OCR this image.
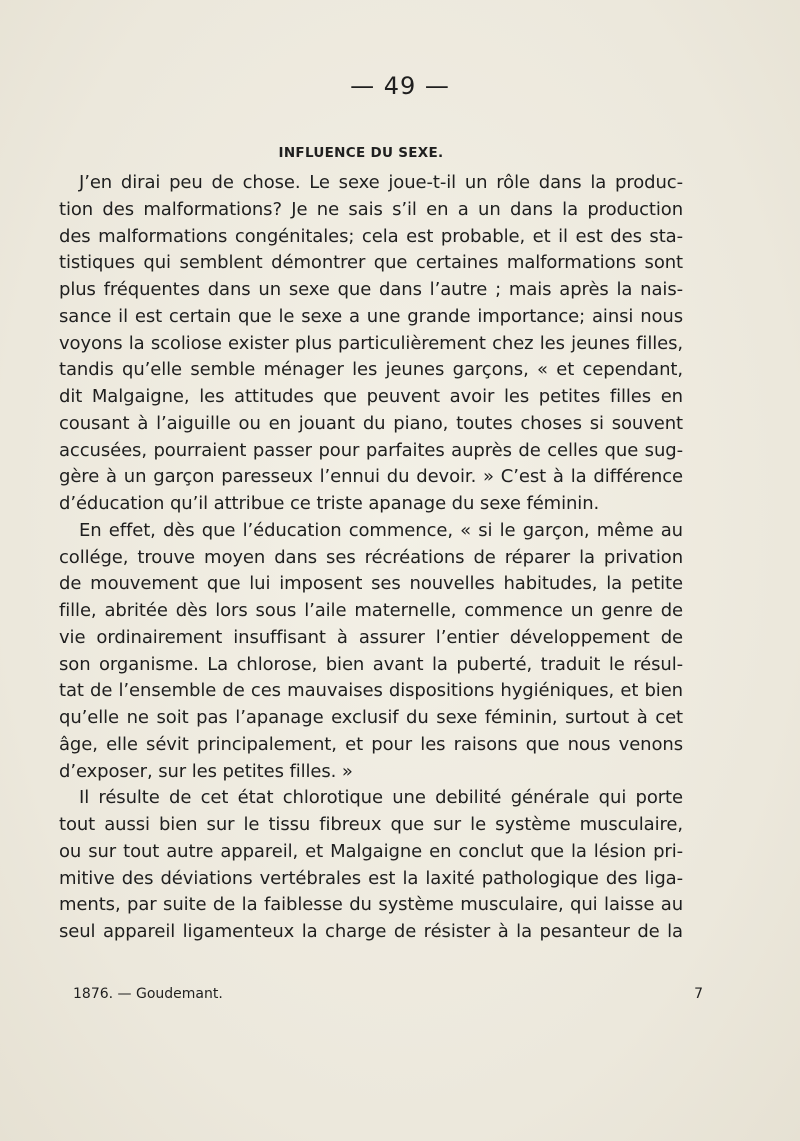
— 49 —
INFLUENCE DU SEXE.
J’en dirai peu de chose. Le sexe joue-t-il un rôle dans la produc-
tion des malformations? Je ne sais s’il en a un dans la production
des malformations congénitales; cela est probable, et il est des sta-
tistiques qui semblent démontrer que certaines malformations sont
plus fréquentes dans un sexe que dans l’autre ; mais après la nais-
sance il est certain que le sexe a une grande importance; ainsi nous
voyons la scoliose exister plus particulièrement chez les jeunes filles,
tandis qu’elle semble ménager les jeunes garçons, « et cependant,
dit Malgaigne, les attitudes que peuvent avoir les petites filles en
cousant à l’aiguille ou en jouant du piano, toutes choses si souvent
accusées, pourraient passer pour parfaites auprès de celles que sug-
gère à un garçon paresseux l’ennui du devoir. » C’est à la différence
d’éducation qu’il attribue ce triste apanage du sexe féminin.
En effet, dès que l’éducation commence, « si le garçon, même au
collége, trouve moyen dans ses récréations de réparer la privation
de mouvement que lui imposent ses nouvelles habitudes, la petite
fille, abritée dès lors sous l’aile maternelle, commence un genre de
vie ordinairement insuffisant à assurer l’entier développement de
son organisme. La chlorose, bien avant la puberté, traduit le résul-
tat de l’ensemble de ces mauvaises dispositions hygiéniques, et bien
qu’elle ne soit pas l’apanage exclusif du sexe féminin, surtout à cet
âge, elle sévit principalement, et pour les raisons que nous venons
d’exposer, sur les petites filles. »
Il résulte de cet état chlorotique une debilité générale qui porte
tout aussi bien sur le tissu fibreux que sur le système musculaire,
ou sur tout autre appareil, et Malgaigne en conclut que la lésion pri-
mitive des déviations vertébrales est la laxité pathologique des liga-
ments, par suite de la faiblesse du système musculaire, qui laisse au
seul appareil ligamenteux la charge de résister à la pesanteur de la
1876. — Goudemant.	7
